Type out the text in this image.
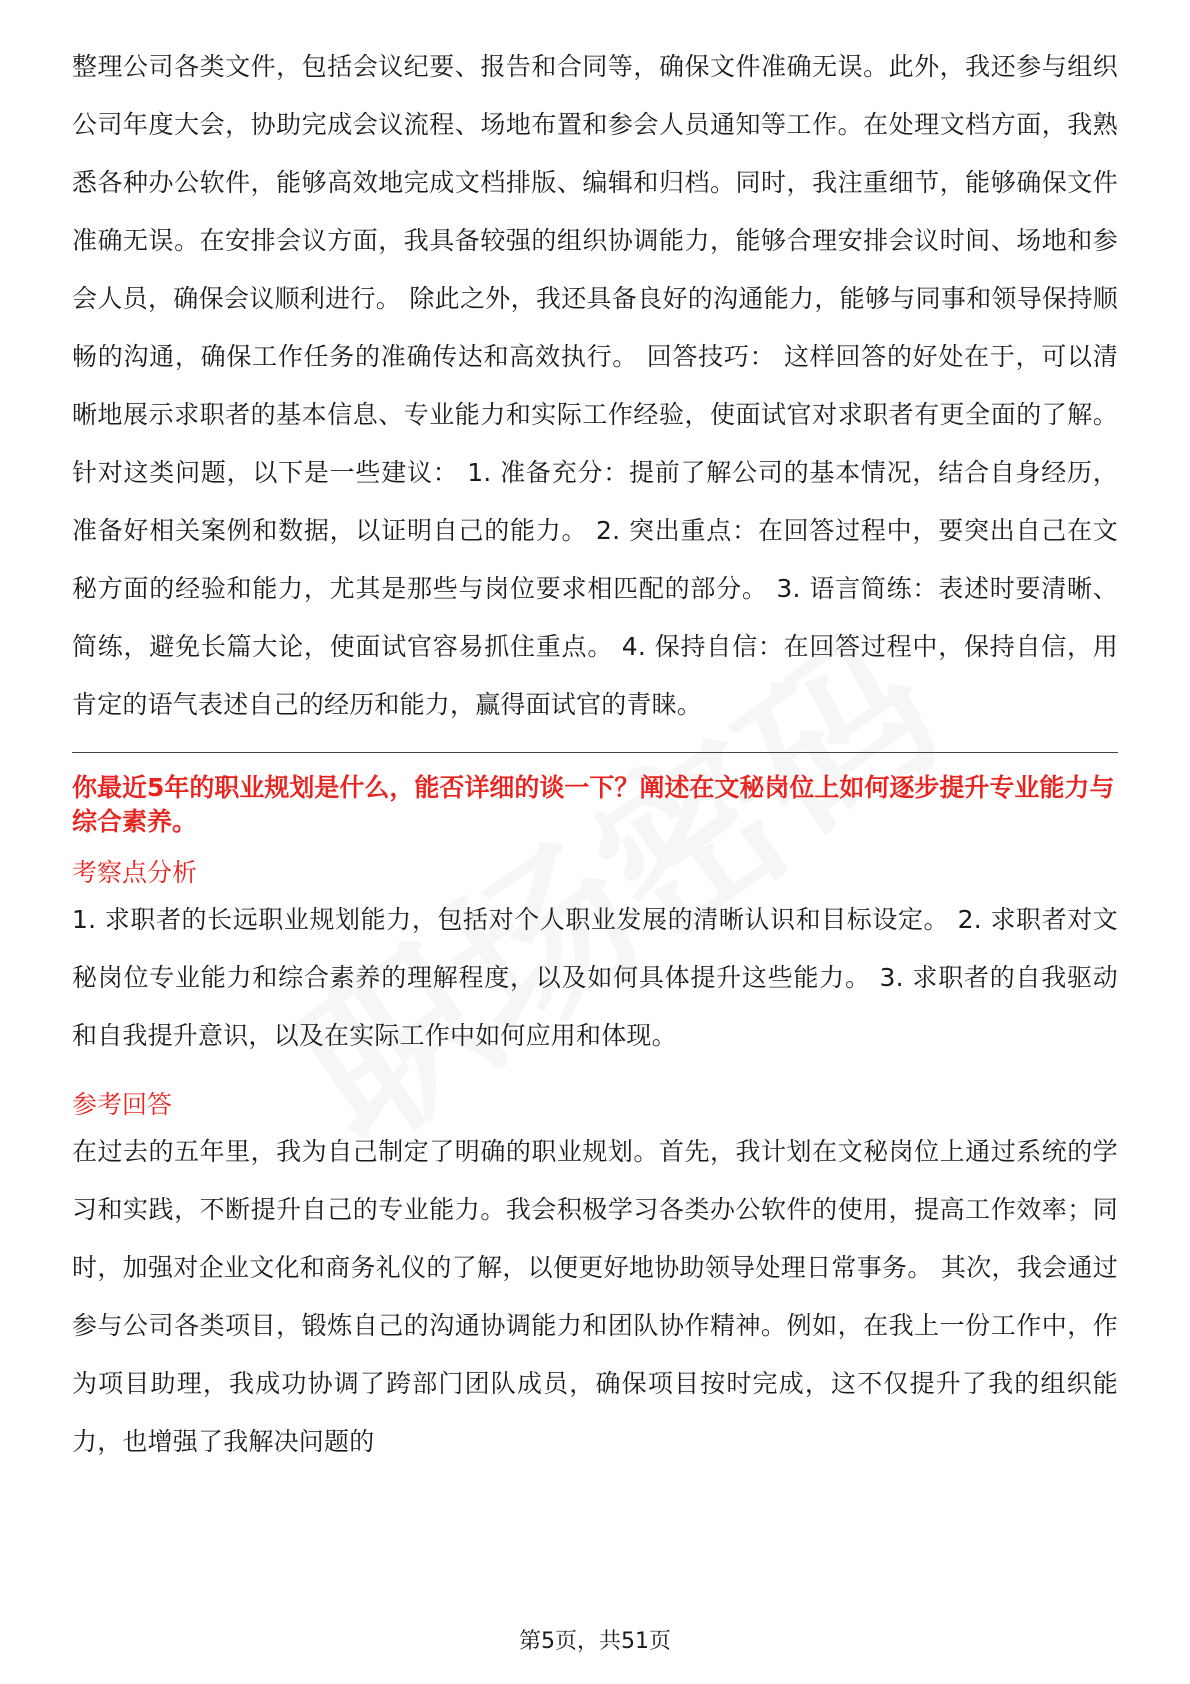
整理公司各类文件，包括会议纪要、报告和合同等，确保文件准确无误。此外，我还参与组织公司年度大会，协助完成会议流程、场地布置和参会人员通知等工作。在处理文档方面，我熟悉各种办公软件，能够高效地完成文档排版、编辑和归档。同时，我注重细节，能够确保文件准确无误。在安排会议方面，我具备较强的组织协调能力，能够合理安排会议时间、场地和参会人员，确保会议顺利进行。 除此之外，我还具备良好的沟通能力，能够与同事和领导保持顺畅的沟通，确保工作任务的准确传达和高效执行。 回答技巧： 这样回答的好处在于，可以清晰地展示求职者的基本信息、专业能力和实际工作经验，使面试官对求职者有更全面的了解。针对这类问题，以下是一些建议： 1. 准备充分：提前了解公司的基本情况，结合自身经历，准备好相关案例和数据，以证明自己的能力。 2. 突出重点：在回答过程中，要突出自己在文秘方面的经验和能力，尤其是那些与岗位要求相匹配的部分。 3. 语言简练：表述时要清晰、简练，避免长篇大论，使面试官容易抓住重点。 4. 保持自信：在回答过程中，保持自信，用肯定的语气表述自己的经历和能力，赢得面试官的青睐。

你最近5年的职业规划是什么，能否详细的谈一下？阐述在文秘岗位上如何逐步提升专业能力与综合素养。

考察点分析

1. 求职者的长远职业规划能力，包括对个人职业发展的清晰认识和目标设定。 2. 求职者对文秘岗位专业能力和综合素养的理解程度，以及如何具体提升这些能力。 3. 求职者的自我驱动和自我提升意识，以及在实际工作中如何应用和体现。

参考回答

在过去的五年里，我为自己制定了明确的职业规划。首先，我计划在文秘岗位上通过系统的学习和实践，不断提升自己的专业能力。我会积极学习各类办公软件的使用，提高工作效率；同时，加强对企业文化和商务礼仪的了解，以便更好地协助领导处理日常事务。 其次，我会通过参与公司各类项目，锻炼自己的沟通协调能力和团队协作精神。例如，在我上一份工作中，作为项目助理，我成功协调了跨部门团队成员，确保项目按时完成，这不仅提升了我的组织能力，也增强了我解决问题的

第5页，共51页
